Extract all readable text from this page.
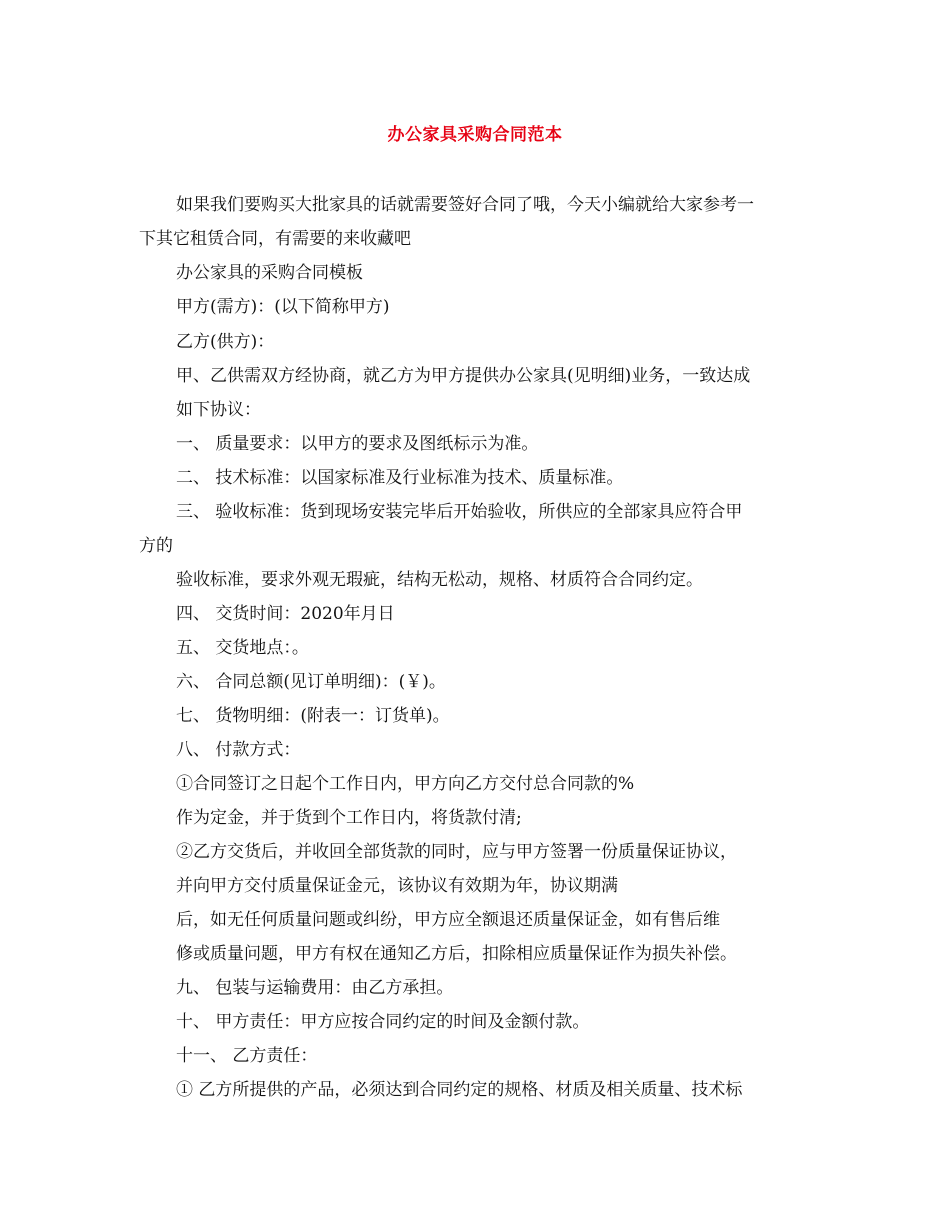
办公家具采购合同范本
如果我们要购买大批家具的话就需要签好合同了哦，今天小编就给大家参考一
下其它租赁合同，有需要的来收藏吧
办公家具的采购合同模板
甲方(需方)：(以下简称甲方)
乙方(供方)：
甲、乙供需双方经协商，就乙方为甲方提供办公家具(见明细)业务，一致达成
如下协议：
一、 质量要求：以甲方的要求及图纸标示为准。
二、 技术标准：以国家标准及行业标准为技术、质量标准。
三、 验收标准：货到现场安装完毕后开始验收，所供应的全部家具应符合甲
方的
验收标准，要求外观无瑕疵，结构无松动，规格、材质符合合同约定。
四、 交货时间：2020年月日
五、 交货地点：。
六、 合同总额(见订单明细)：(￥)。
七、 货物明细：(附表一：订货单)。
八、 付款方式：
①合同签订之日起个工作日内，甲方向乙方交付总合同款的%
作为定金，并于货到个工作日内，将货款付清;
②乙方交货后，并收回全部货款的同时，应与甲方签署一份质量保证协议，
并向甲方交付质量保证金元，该协议有效期为年，协议期满
后，如无任何质量问题或纠纷，甲方应全额退还质量保证金，如有售后维
修或质量问题，甲方有权在通知乙方后，扣除相应质量保证作为损失补偿。
九、 包装与运输费用：由乙方承担。
十、 甲方责任：甲方应按合同约定的时间及金额付款。
十一、 乙方责任：
① 乙方所提供的产品，必须达到合同约定的规格、材质及相关质量、技术标
